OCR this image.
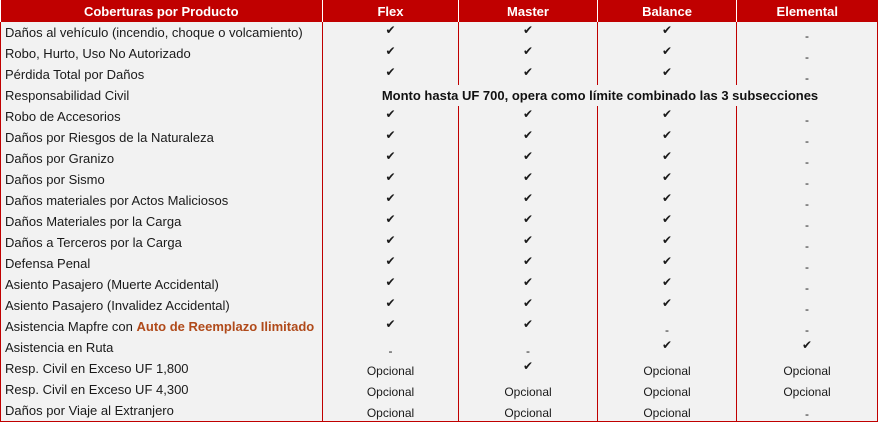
Coberturas por Producto	Flex	Master	Balance	Elemental
Daños al vehículo (incendio, choque o volcamiento)	✔	✔	✔	-
Robo, Hurto, Uso No Autorizado	✔	✔	✔	-
Pérdida Total por Daños	✔	✔	✔	-
Responsabilidad Civil	Monto hasta UF 700, opera como límite combinado las 3 subsecciones			
Robo de Accesorios	✔	✔	✔	-
Daños por Riesgos de la Naturaleza	✔	✔	✔	-
Daños por Granizo	✔	✔	✔	-
Daños por Sismo	✔	✔	✔	-
Daños materiales por Actos Maliciosos	✔	✔	✔	-
Daños Materiales por la Carga	✔	✔	✔	-
Daños a Terceros por la Carga	✔	✔	✔	-
Defensa Penal	✔	✔	✔	-
Asiento Pasajero (Muerte Accidental)	✔	✔	✔	-
Asiento Pasajero (Invalidez Accidental)	✔	✔	✔	-
Asistencia Mapfre con Auto de Reemplazo Ilimitado	✔	✔	-	-
Asistencia en Ruta	-	-	✔	✔
Resp. Civil en Exceso UF 1,800	Opcional	✔	Opcional	Opcional
Resp. Civil en Exceso UF 4,300	Opcional	Opcional	Opcional	Opcional
Daños por Viaje al Extranjero	Opcional	Opcional	Opcional	-
